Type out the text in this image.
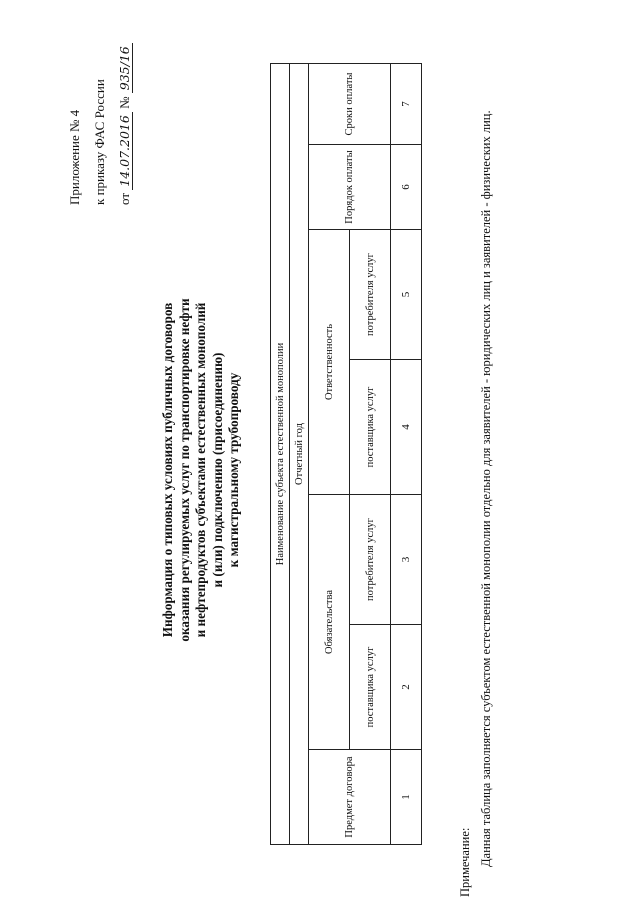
Приложение № 4 к приказу ФАС России от 14.07.2016 № 935/16
Информация о типовых условиях публичных договоров оказания регулируемых услуг по транспортировке нефти и нефтепродуктов субъектами естественных монополий и (или) подключению (присоединению) к магистральному трубопроводу	Наименование субъекта естественной монополии Отчетный год
Предмет договора
Обязательства
Ответственность
поставщика услуг
потребителя услуг
поставщика услуг
потребителя услуг
Порядок оплаты
Сроки оплаты
1
2
3
4
5
6
7
Примечание: Данная таблица заполняется субъектом естественной монополии отдельно для заявителей - юридических лиц и заявителей - физических лиц.
